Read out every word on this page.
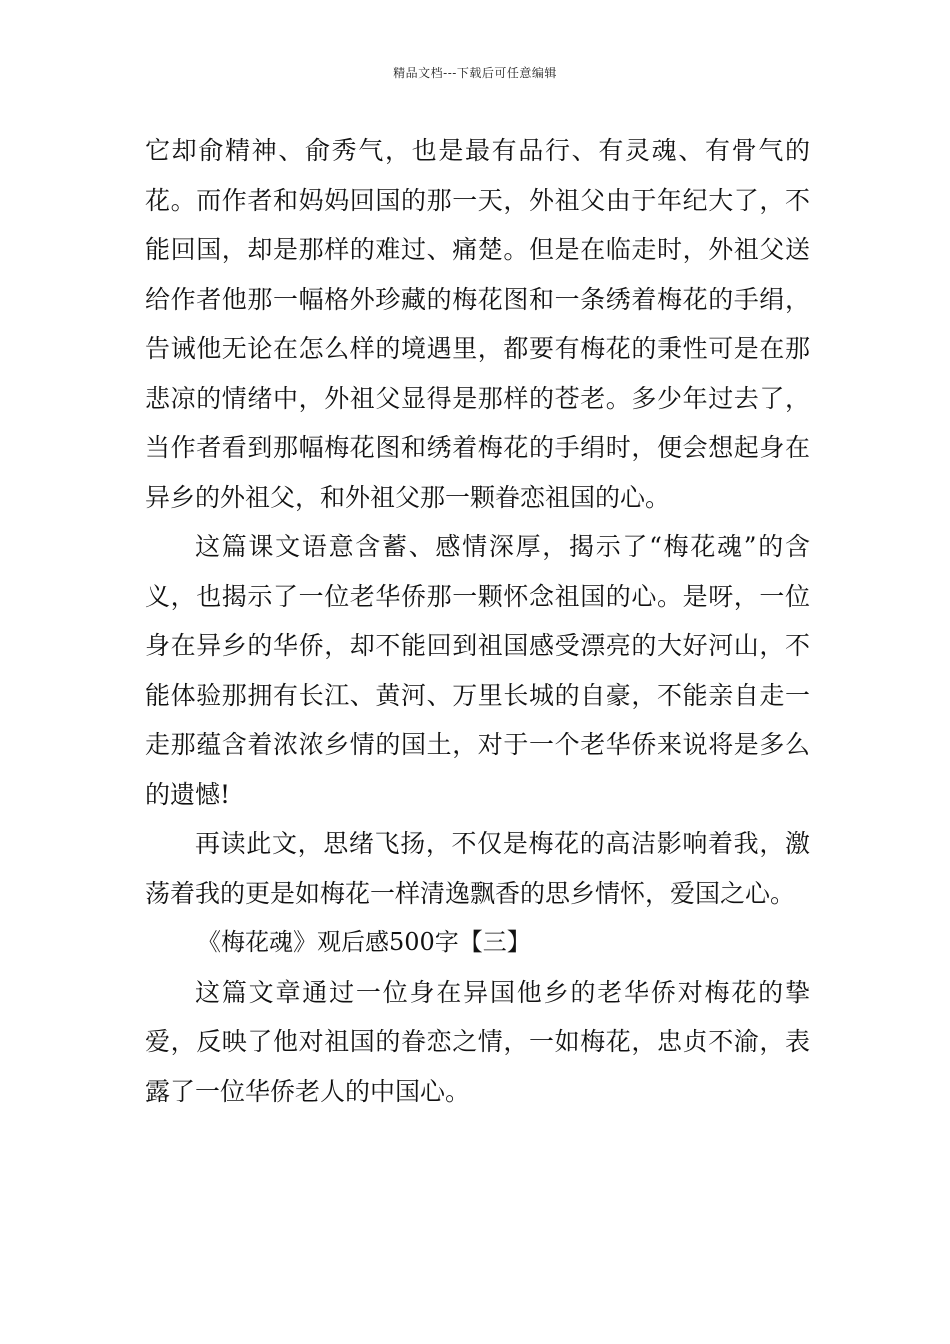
精品文档---下载后可任意编辑

它却俞精神、俞秀气，也是最有品行、有灵魂、有骨气的花。而作者和妈妈回国的那一天，外祖父由于年纪大了，不能回国，却是那样的难过、痛楚。但是在临走时，外祖父送给作者他那一幅格外珍藏的梅花图和一条绣着梅花的手绢，告诫他无论在怎么样的境遇里，都要有梅花的秉性可是在那悲凉的情绪中，外祖父显得是那样的苍老。多少年过去了，当作者看到那幅梅花图和绣着梅花的手绢时，便会想起身在异乡的外祖父，和外祖父那一颗眷恋祖国的心。

这篇课文语意含蓄、感情深厚，揭示了“梅花魂”的含义，也揭示了一位老华侨那一颗怀念祖国的心。是呀，一位身在异乡的华侨，却不能回到祖国感受漂亮的大好河山，不能体验那拥有长江、黄河、万里长城的自豪，不能亲自走一走那蕴含着浓浓乡情的国土，对于一个老华侨来说将是多么的遗憾!

再读此文，思绪飞扬，不仅是梅花的高洁影响着我，激荡着我的更是如梅花一样清逸飘香的思乡情怀，爱国之心。

《梅花魂》观后感500字【三】

这篇文章通过一位身在异国他乡的老华侨对梅花的挚爱，反映了他对祖国的眷恋之情，一如梅花，忠贞不渝，表露了一位华侨老人的中国心。
